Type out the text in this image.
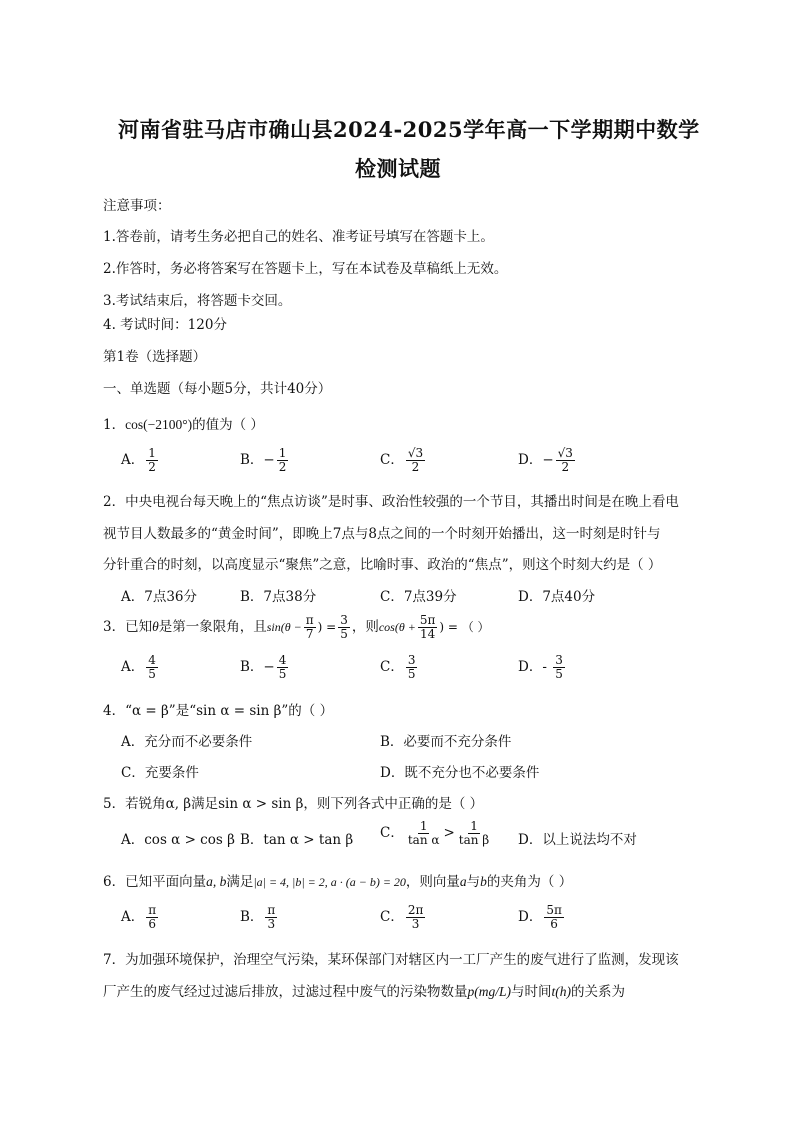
河南省驻马店市确山县2024-2025学年高一下学期期中数学
检测试题
注意事项：
1.答卷前，请考生务必把自己的姓名、准考证号填写在答题卡上。
2.作答时，务必将答案写在答题卡上，写在本试卷及草稿纸上无效。
3.考试结束后，将答题卡交回。
4. 考试时间：120分
第1卷（选择题）
一、单选题（每小题5分，共计40分）
1．cos(−2100°)的值为（ ）
A． $\frac{1}{2}$	B．− $\frac{1}{2}$	C． $\frac{√3}{2}$	D．− $\frac{√3}{2}$
2．中央电视台每天晚上的“焦点访谈”是时事、政治性较强的一个节目，其播出时间是在晚上看电
视节目人数最多的“黄金时间”，即晚上7点与8点之间的一个时刻开始播出，这一时刻是时针与
分针重合的时刻，以高度显示“聚焦”之意，比喻时事、政治的“焦点”，则这个时刻大约是（ ）
A．7点36分	B．7点38分	C．7点39分	D．7点40分
3．已知θ是第一象限角，且$\sin(\theta - \frac{\pi}{7}$ ) = $\frac{3}{5}$ ，则$\cos(\theta + \frac{5\pi}{14}$ ) = （ ）
A． $\frac{4}{5}$	B．− $\frac{4}{5}$	C． $\frac{3}{5}$	D．- $\frac{3}{5}$
4．“α = β”是“sin α = sin β”的（ ）
A．充分而不必要条件	B．必要而不充分条件
C．充要条件	D．既不充分也不必要条件
5．若锐角α, β满足sin α > sin β，则下列各式中正确的是（ ）
A．cos α > cos β B．tan α > tan β C． $\frac{1}{\text{tan α}} > \frac{1}{\text{tan β}}$ D．以上说法均不对
6．已知平面向量a, b满足|a| = 4, |b| = 2, a · (a − b) = 20，则向量a与b的夹角为（ ）
A． $\frac{\pi}{6}$	B． $\frac{\pi}{3}$	C． $\frac{2\pi}{3}$	D． $\frac{5\pi}{6}$
7．为加强环境保护，治理空气污染，某环保部门对辖区内一工厂产生的废气进行了监测，发现该
厂产生的废气经过过滤后排放，过滤过程中废气的污染物数量p(mg/L)与时间t(h)的关系为
